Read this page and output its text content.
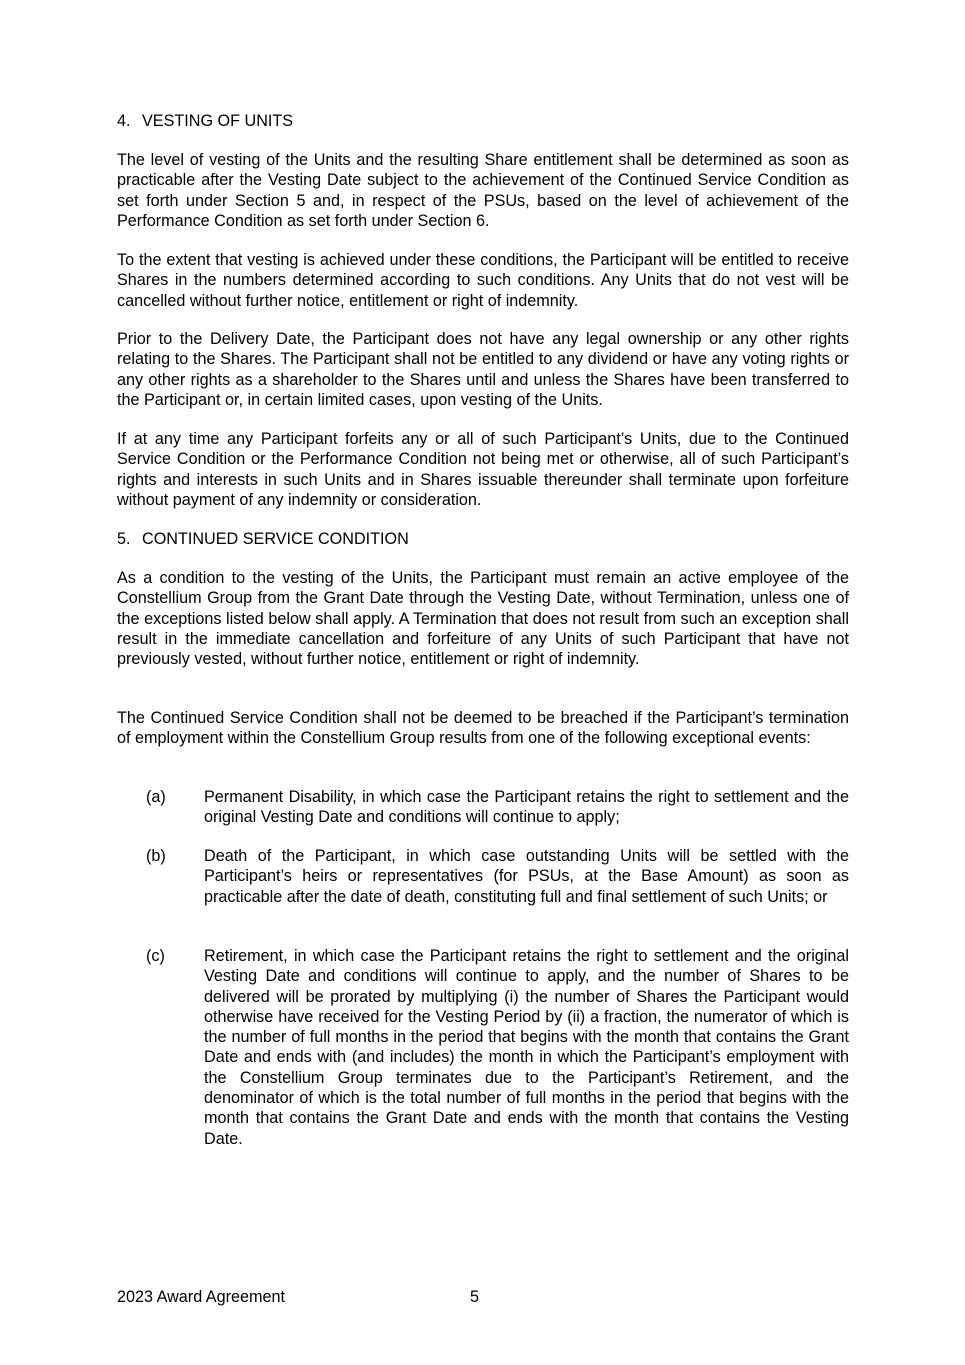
4. VESTING OF UNITS

The level of vesting of the Units and the resulting Share entitlement shall be determined as soon as practicable after the Vesting Date subject to the achievement of the Continued Service Condition as set forth under Section 5 and, in respect of the PSUs, based on the level of achievement of the Performance Condition as set forth under Section 6.

To the extent that vesting is achieved under these conditions, the Participant will be entitled to receive Shares in the numbers determined according to such conditions. Any Units that do not vest will be cancelled without further notice, entitlement or right of indemnity.

Prior to the Delivery Date, the Participant does not have any legal ownership or any other rights relating to the Shares. The Participant shall not be entitled to any dividend or have any voting rights or any other rights as a shareholder to the Shares until and unless the Shares have been transferred to the Participant or, in certain limited cases, upon vesting of the Units.

If at any time any Participant forfeits any or all of such Participant’s Units, due to the Continued Service Condition or the Performance Condition not being met or otherwise, all of such Participant’s rights and interests in such Units and in Shares issuable thereunder shall terminate upon forfeiture without payment of any indemnity or consideration.

5. CONTINUED SERVICE CONDITION

As a condition to the vesting of the Units, the Participant must remain an active employee of the Constellium Group from the Grant Date through the Vesting Date, without Termination, unless one of the exceptions listed below shall apply. A Termination that does not result from such an exception shall result in the immediate cancellation and forfeiture of any Units of such Participant that have not previously vested, without further notice, entitlement or right of indemnity.

The Continued Service Condition shall not be deemed to be breached if the Participant’s termination of employment within the Constellium Group results from one of the following exceptional events:

(a) Permanent Disability, in which case the Participant retains the right to settlement and the original Vesting Date and conditions will continue to apply;

(b) Death of the Participant, in which case outstanding Units will be settled with the Participant’s heirs or representatives (for PSUs, at the Base Amount) as soon as practicable after the date of death, constituting full and final settlement of such Units; or

(c) Retirement, in which case the Participant retains the right to settlement and the original Vesting Date and conditions will continue to apply, and the number of Shares to be delivered will be prorated by multiplying (i) the number of Shares the Participant would otherwise have received for the Vesting Period by (ii) a fraction, the numerator of which is the number of full months in the period that begins with the month that contains the Grant Date and ends with (and includes) the month in which the Participant’s employment with the Constellium Group terminates due to the Participant’s Retirement, and the denominator of which is the total number of full months in the period that begins with the month that contains the Grant Date and ends with the month that contains the Vesting Date.

2023 Award Agreement	5
